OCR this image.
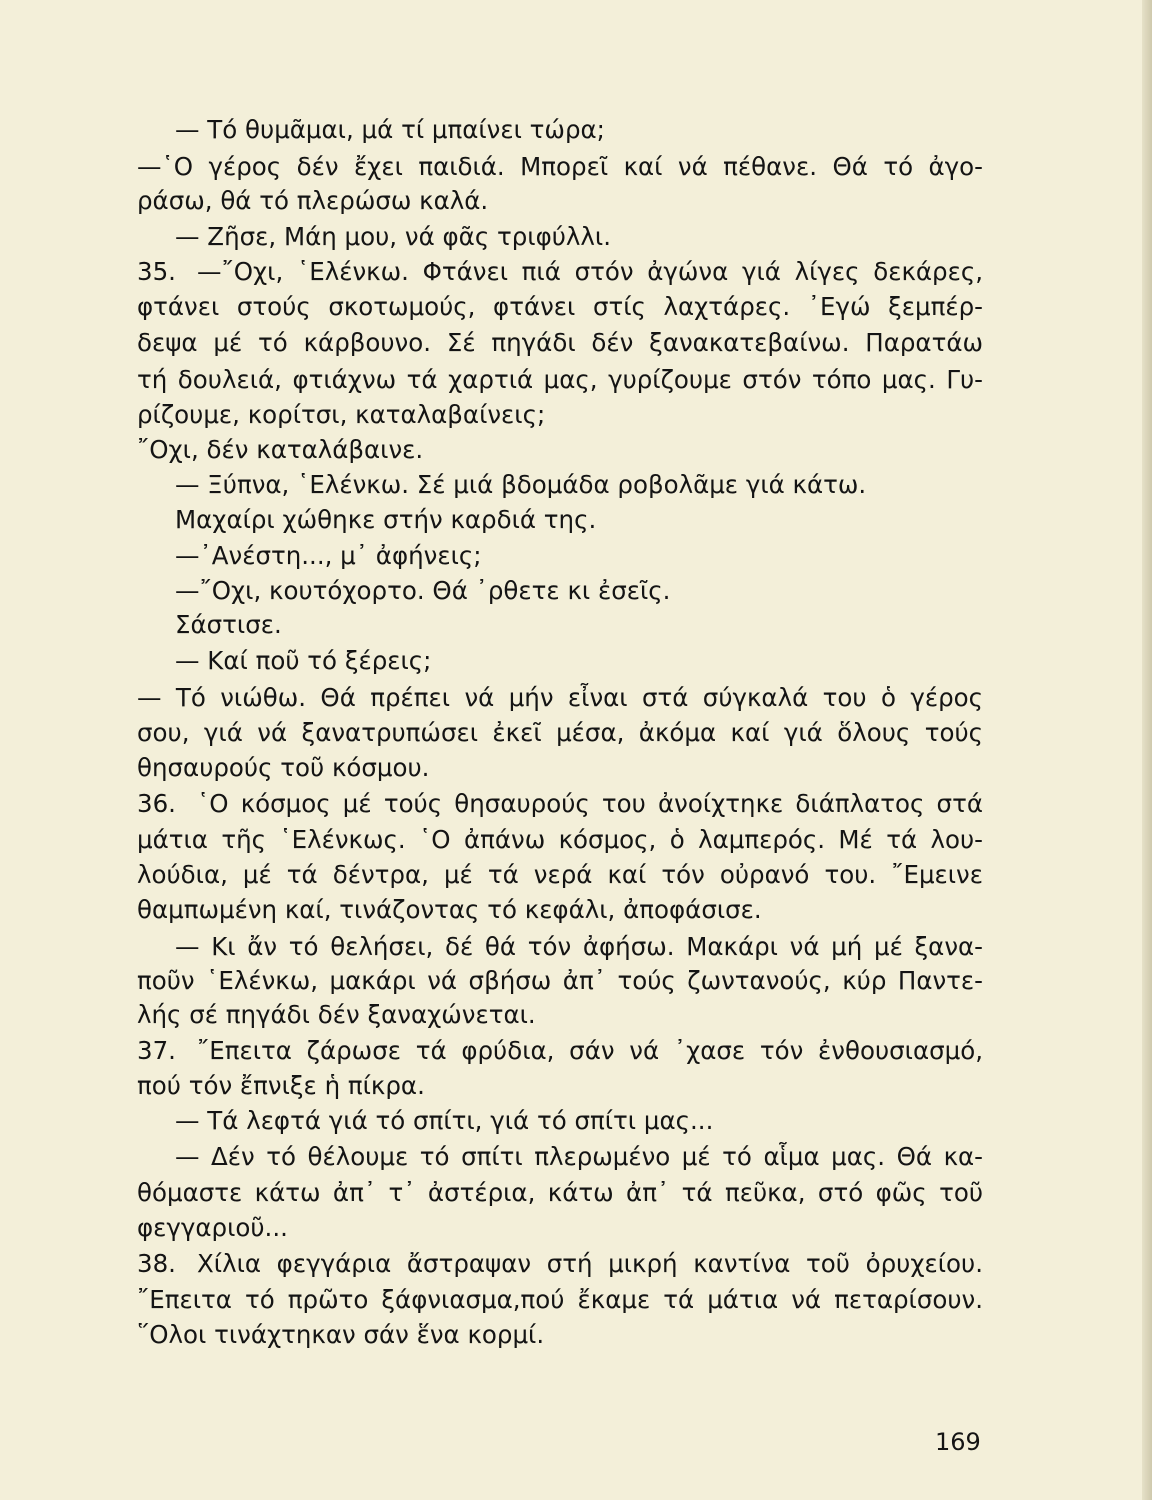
— Τό θυμᾶμαι, μά τί μπαίνει τώρα;
—῾Ο γέρος δέν ἔχει παιδιά. Μπορεῖ καί νά πέθανε. Θά τό ἀγο-
ράσω, θά τό πλερώσω καλά.
— Ζῆσε, Μάη μου, νά φᾶς τριφύλλι.
35. —῎Οχι, ῾Ελένκω. Φτάνει πιά στόν ἀγώνα γιά λίγες δεκάρες,
φτάνει στούς σκοτωμούς, φτάνει στίς λαχτάρες. ᾿Εγώ ξεμπέρ-
δεψα μέ τό κάρβουνο. Σέ πηγάδι δέν ξανακατεβαίνω. Παρατάω
τή δουλειά, φτιάχνω τά χαρτιά μας, γυρίζουμε στόν τόπο μας. Γυ-
ρίζουμε, κορίτσι, καταλαβαίνεις;
῎Οχι, δέν καταλάβαινε.
— Ξύπνα, ῾Ελένκω. Σέ μιά βδομάδα ροβολᾶμε γιά κάτω.
Μαχαίρι χώθηκε στήν καρδιά της.
—᾿Ανέστη..., μ᾿ ἀφήνεις;
—῎Οχι, κουτόχορτο. Θά ᾿ρθετε κι ἐσεῖς.
Σάστισε.
— Καί ποῦ τό ξέρεις;
— Τό νιώθω. Θά πρέπει νά μήν εἶναι στά σύγκαλά του ὁ γέρος
σου, γιά νά ξανατρυπώσει ἐκεῖ μέσα, ἀκόμα καί γιά ὅλους τούς
θησαυρούς τοῦ κόσμου.
36. ῾Ο κόσμος μέ τούς θησαυρούς του ἀνοίχτηκε διάπλατος στά
μάτια τῆς ῾Ελένκως. ῾Ο ἀπάνω κόσμος, ὁ λαμπερός. Μέ τά λου-
λούδια, μέ τά δέντρα, μέ τά νερά καί τόν οὐρανό του. ῎Εμεινε
θαμπωμένη καί, τινάζοντας τό κεφάλι, ἀποφάσισε.
— Κι ἄν τό θελήσει, δέ θά τόν ἀφήσω. Μακάρι νά μή μέ ξανα-
ποῦν ῾Ελένκω, μακάρι νά σβήσω ἀπ᾿ τούς ζωντανούς, κύρ Παντε-
λής σέ πηγάδι δέν ξαναχώνεται.
37. ῎Επειτα ζάρωσε τά φρύδια, σάν νά ᾿χασε τόν ἐνθουσιασμό,
πού τόν ἔπνιξε ἡ πίκρα.
— Τά λεφτά γιά τό σπίτι, γιά τό σπίτι μας...
— Δέν τό θέλουμε τό σπίτι πλερωμένο μέ τό αἷμα μας. Θά κα-
θόμαστε κάτω ἀπ᾿ τ᾿ ἀστέρια, κάτω ἀπ᾿ τά πεῦκα, στό φῶς τοῦ
φεγγαριοῦ...
38. Χίλια φεγγάρια ἄστραψαν στή μικρή καντίνα τοῦ ὀρυχείου.
῎Επειτα τό πρῶτο ξάφνιασμα,πού ἔκαμε τά μάτια νά πεταρίσουν.
῞Ολοι τινάχτηκαν σάν ἕνα κορμί.
169
